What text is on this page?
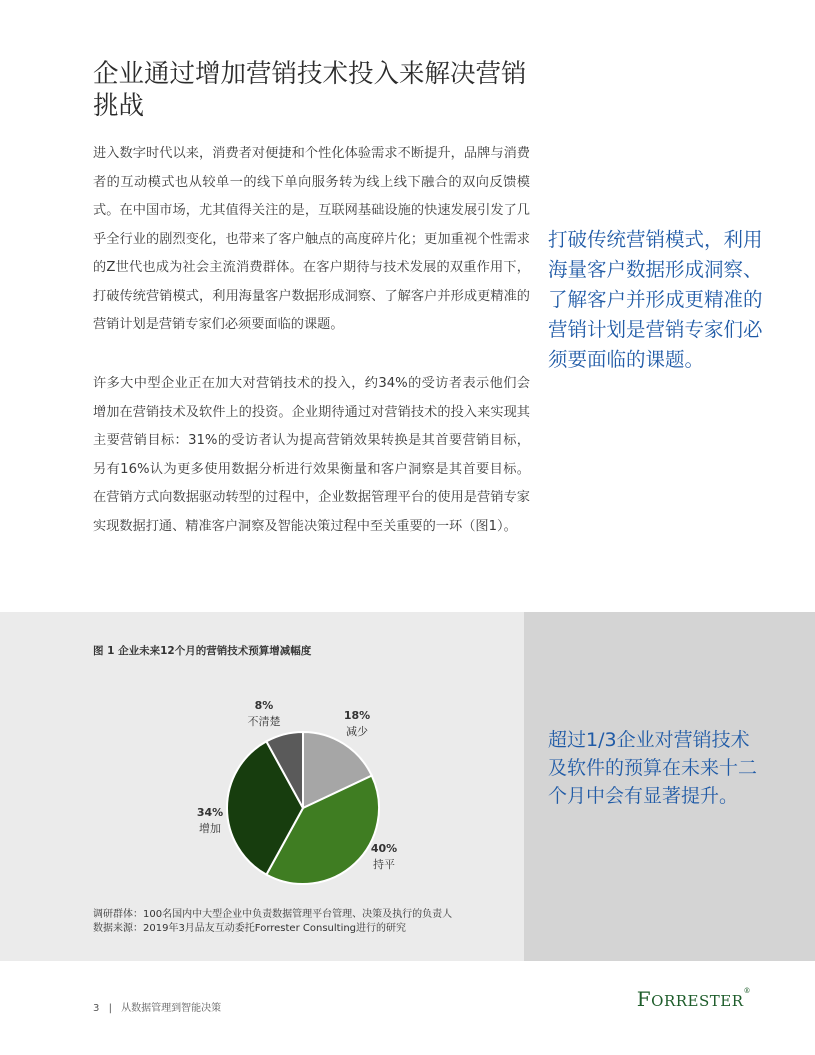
企业通过增加营销技术投入来解决营销挑战

进入数字时代以来，消费者对便捷和个性化体验需求不断提升，品牌与消费者的互动模式也从较单一的线下单向服务转为线上线下融合的双向反馈模式。在中国市场，尤其值得关注的是，互联网基础设施的快速发展引发了几乎全行业的剧烈变化，也带来了客户触点的高度碎片化；更加重视个性需求的Z世代也成为社会主流消费群体。在客户期待与技术发展的双重作用下，打破传统营销模式，利用海量客户数据形成洞察、了解客户并形成更精准的营销计划是营销专家们必须要面临的课题。

许多大中型企业正在加大对营销技术的投入，约34%的受访者表示他们会增加在营销技术及软件上的投资。企业期待通过对营销技术的投入来实现其主要营销目标：31%的受访者认为提高营销效果转换是其首要营销目标，另有16%认为更多使用数据分析进行效果衡量和客户洞察是其首要目标。在营销方式向数据驱动转型的过程中，企业数据管理平台的使用是营销专家实现数据打通、精准客户洞察及智能决策过程中至关重要的一环（图1）。

打破传统营销模式，利用海量客户数据形成洞察、了解客户并形成更精准的营销计划是营销专家们必须要面临的课题。

超过1/3企业对营销技术及软件的预算在未来十二个月中会有显著提升。

图 1 企业未来12个月的营销技术预算增减幅度
18%
减少
40%
持平
34%
增加
8%
不清楚
调研群体：100名国内中大型企业中负责数据管理平台管理、决策及执行的负责人
数据来源：2019年3月品友互动委托Forrester Consulting进行的研究
3 | 从数据管理到智能决策	FORRESTER®
